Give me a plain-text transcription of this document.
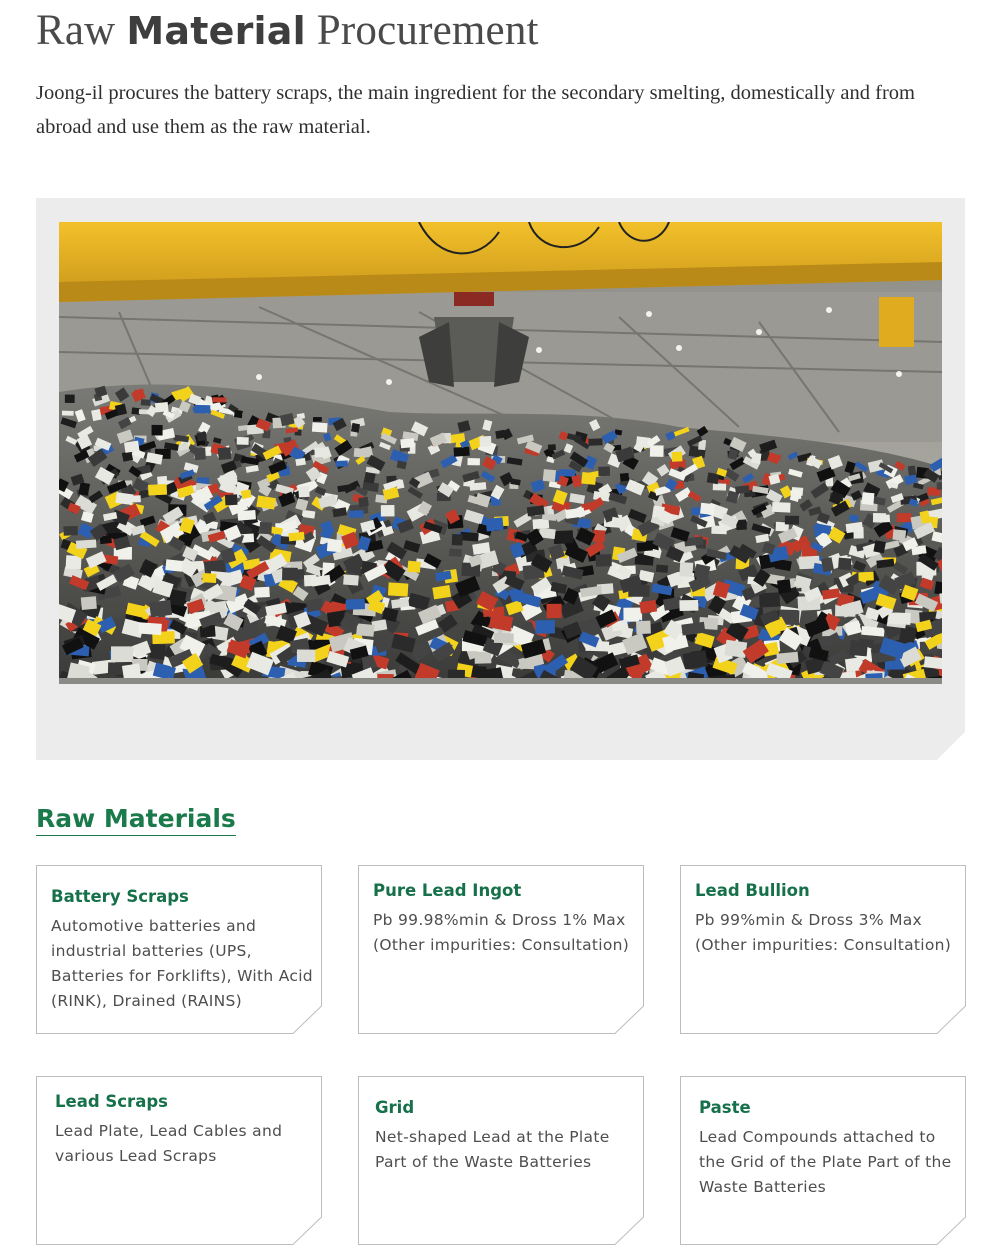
Raw Material Procurement

Joong-il procures the battery scraps, the main ingredient for the secondary smelting, domestically and from abroad and use them as the raw material.

Raw Materials
Battery Scraps

Automotive batteries and industrial batteries (UPS, Batteries for Forklifts), With Acid (RINK), Drained (RAINS)

Pure Lead Ingot

Pb 99.98%min & Dross 1% Max (Other impurities: Consultation)

Lead Bullion

Pb 99%min & Dross 3% Max (Other impurities: Consultation)

Lead Scraps

Lead Plate, Lead Cables and various Lead Scraps

Grid

Net-shaped Lead at the Plate Part of the Waste Batteries

Paste

Lead Compounds attached to the Grid of the Plate Part of the Waste Batteries
